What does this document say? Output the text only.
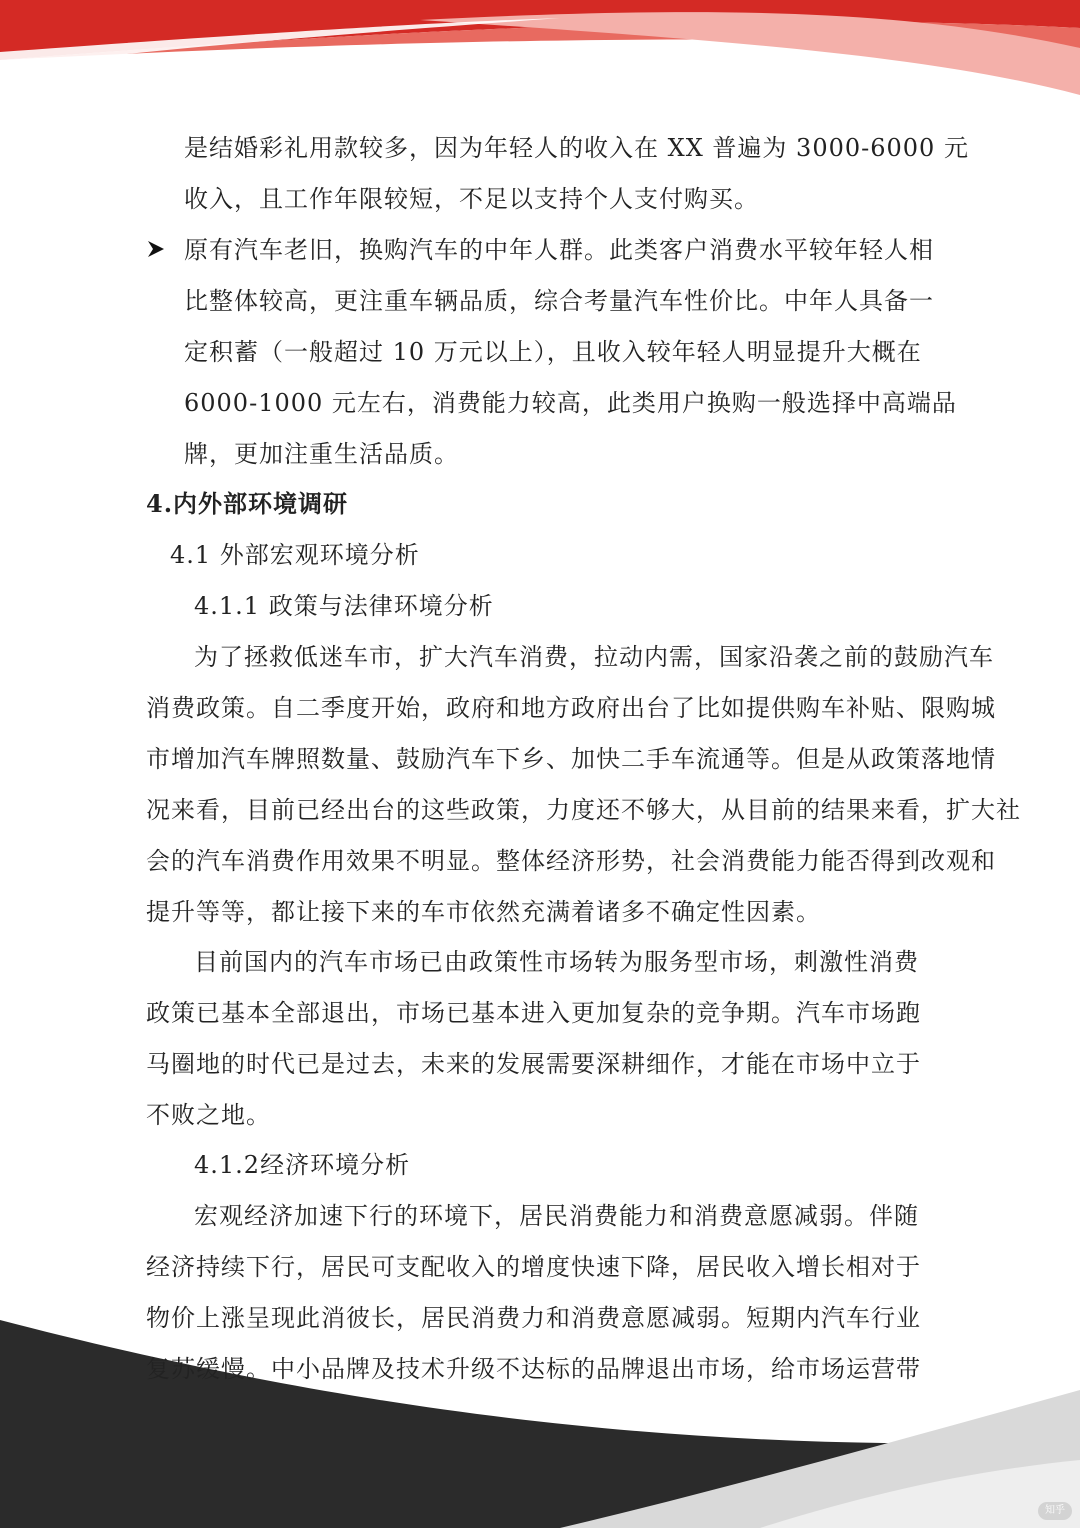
是结婚彩礼用款较多，因为年轻人的收入在 XX 普遍为 3000-6000 元
收入，且工作年限较短，不足以支持个人支付购买。
原有汽车老旧，换购汽车的中年人群。此类客户消费水平较年轻人相
比整体较高，更注重车辆品质，综合考量汽车性价比。中年人具备一
定积蓄（一般超过 10 万元以上），且收入较年轻人明显提升大概在
6000-1000 元左右，消费能力较高，此类用户换购一般选择中高端品
牌，更加注重生活品质。
4.内外部环境调研
4.1 外部宏观环境分析
4.1.1 政策与法律环境分析
为了拯救低迷车市，扩大汽车消费，拉动内需，国家沿袭之前的鼓励汽车
消费政策。自二季度开始，政府和地方政府出台了比如提供购车补贴、限购城
市增加汽车牌照数量、鼓励汽车下乡、加快二手车流通等。但是从政策落地情
况来看，目前已经出台的这些政策，力度还不够大，从目前的结果来看，扩大社
会的汽车消费作用效果不明显。整体经济形势，社会消费能力能否得到改观和
提升等等，都让接下来的车市依然充满着诸多不确定性因素。
目前国内的汽车市场已由政策性市场转为服务型市场，刺激性消费
政策已基本全部退出，市场已基本进入更加复杂的竞争期。汽车市场跑
马圈地的时代已是过去，未来的发展需要深耕细作，才能在市场中立于
不败之地。
4.1.2经济环境分析
宏观经济加速下行的环境下，居民消费能力和消费意愿减弱。伴随
经济持续下行，居民可支配收入的增度快速下降，居民收入增长相对于
物价上涨呈现此消彼长，居民消费力和消费意愿减弱。短期内汽车行业
复苏缓慢。中小品牌及技术升级不达标的品牌退出市场，给市场运营带
知乎
